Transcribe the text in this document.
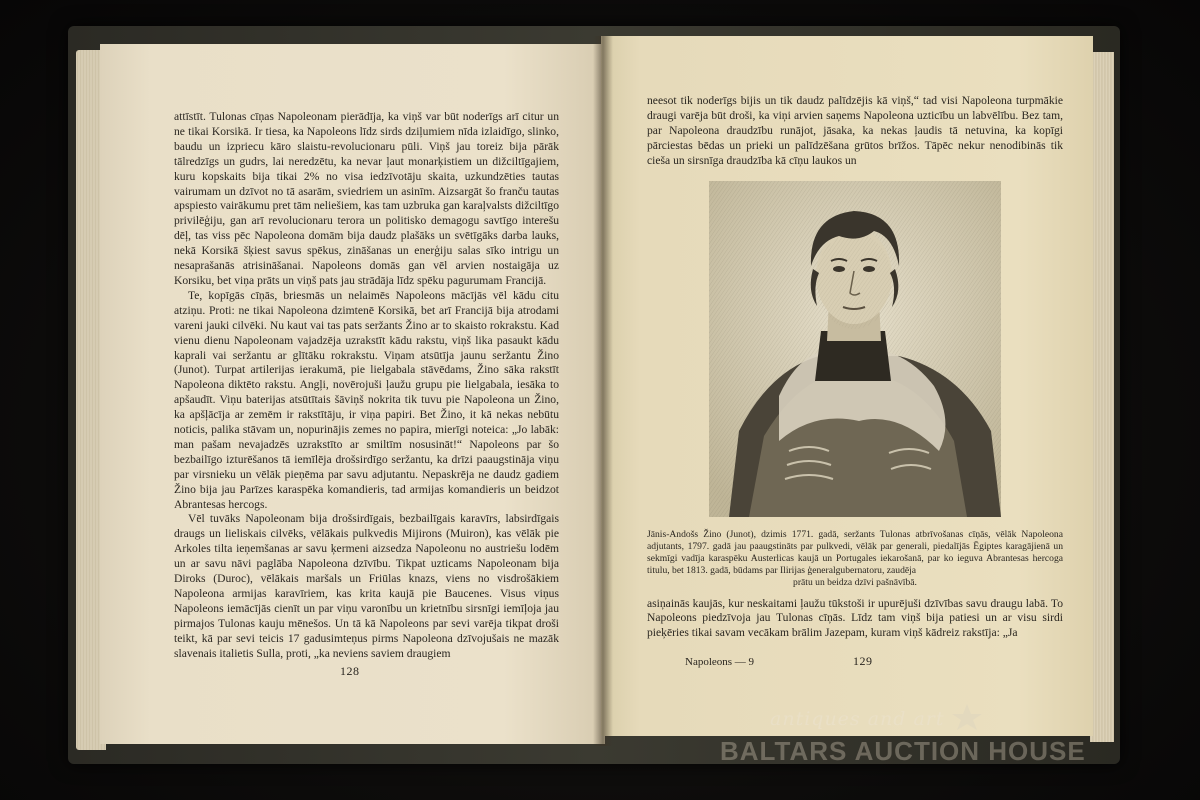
attīstīt. Tulonas cīņas Napoleonam pierādīja, ka viņš var būt noderīgs arī citur un ne tikai Korsikā. Ir tiesa, ka Napoleons līdz sirds dziļumiem nīda izlaidīgo, slinko, baudu un izpriecu kāro slaistu-revolucionaru pūli. Viņš jau toreiz bija pārāk tālredzīgs un gudrs, lai neredzētu, ka nevar ļaut monarķistiem un dižciltīgajiem, kuru kopskaits bija tikai 2% no visa iedzīvotāju skaita, uzkundzēties tautas vairumam un dzīvot no tā asarām, sviedriem un asinīm. Aizsargāt šo franču tautas apspiesto vairākumu pret tām neliešiem, kas tam uzbruka gan karaļvalsts dižciltīgo privilēģiju, gan arī revolucionaru terora un politisko demagogu savtīgo interešu dēļ, tas viss pēc Napoleona domām bija daudz plašāks un svētīgāks darba lauks, nekā Korsikā šķiest savus spēkus, zināšanas un enerģiju salas sīko intrigu un nesaprašanās atrisināšanai. Napoleons domās gan vēl arvien nostaigāja uz Korsiku, bet viņa prāts un viņš pats jau strādāja līdz spēku pagurumam Francijā.

Te, kopīgās cīņās, briesmās un nelaimēs Napoleons mācījās vēl kādu citu atziņu. Proti: ne tikai Napoleona dzimtenē Korsikā, bet arī Francijā bija atrodami vareni jauki cilvēki. Nu kaut vai tas pats seržants Žino ar to skaisto rokrakstu. Kad vienu dienu Napoleonam vajadzēja uzrakstīt kādu rakstu, viņš lika pasaukt kādu kaprali vai seržantu ar glītāku rokrakstu. Viņam atsūtīja jaunu seržantu Žino (Junot). Turpat artilerijas ierakumā, pie lielgabala stāvēdams, Žino sāka rakstīt Napoleona diktēto rakstu. Angļi, novērojuši ļaužu grupu pie lielgabala, iesāka to apšaudīt. Viņu baterijas atsūtītais šāviņš nokrita tik tuvu pie Napoleona un Žino, ka apšļācīja ar zemēm ir rakstītāju, ir viņa papiri. Bet Žino, it kā nekas nebūtu noticis, palika stāvam un, nopurinājis zemes no papira, mierīgi noteica: „Jo labāk: man pašam nevajadzēs uzrakstīto ar smiltīm nosusināt!“ Napoleons par šo bezbailīgo izturēšanos tā iemīlēja drošsirdīgo seržantu, ka drīzi paaugstināja viņu par virsnieku un vēlāk pieņēma par savu adjutantu. Nepaskrēja ne daudz gadiem Žino bija jau Parīzes karaspēka komandieris, tad armijas komandieris un beidzot Abrantesas hercogs.

Vēl tuvāks Napoleonam bija drošsirdīgais, bezbailīgais karavīrs, labsirdīgais draugs un lieliskais cilvēks, vēlākais pulkvedis Mijirons (Muiron), kas vēlāk pie Arkoles tilta ieņemšanas ar savu ķermeni aizsedza Napoleonu no austriešu lodēm un ar savu nāvi paglāba Napoleona dzīvību. Tikpat uzticams Napoleonam bija Diroks (Duroc), vēlākais maršals un Friūlas knazs, viens no visdrošākiem Napoleona armijas karavīriem, kas krita kaujā pie Baucenes. Visus viņus Napoleons iemācījās cienīt un par viņu varonību un krietnību sirsnīgi iemīļoja jau pirmajos Tulonas kauju mēnešos. Un tā kā Napoleons par sevi varēja tikpat droši teikt, kā par sevi teicis 17 gadusimteņus pirms Napoleona dzīvojušais ne mazāk slavenais italietis Sulla, proti, „ka neviens saviem draugiem

128

neesot tik noderīgs bijis un tik daudz palīdzējis kā viņš,“ tad visi Napoleona turpmākie draugi varēja būt droši, ka viņi arvien saņems Napoleona uzticību un labvēlību. Bez tam, par Napoleona draudzību runājot, jāsaka, ka nekas ļaudis tā netuvina, ka kopīgi pārciestas bēdas un prieki un palīdzēšana grūtos brīžos. Tāpēc nekur nenodibinās tik cieša un sirsnīga draudzība kā cīņu laukos un

Jānis-Andošs Žino (Junot), dzimis 1771. gadā, seržants Tulonas atbrīvošanas cīņās, vēlāk Napoleona adjutants, 1797. gadā jau paaugstināts par pulkvedi, vēlāk par generali, piedalījās Ēgiptes karagājienā un sekmīgi vadīja karaspēku Austerlicas kaujā un Portugales iekarošanā, par ko ieguva Abrantesas hercoga titulu, bet 1813. gadā, būdams par Ilirijas ģeneralgubernatoru, zaudēja
prātu un beidza dzīvi pašnāvībā.

asiņainās kaujās, kur neskaitami ļaužu tūkstoši ir upurējuši dzīvības savu draugu labā. To Napoleons piedzīvoja jau Tulonas cīņās. Līdz tam viņš bija patiesi un ar visu sirdi pieķēries tikai savam vecākam brālim Jazepam, kuram viņš kādreiz rakstīja: „Ja

Napoleons — 9	129
antiques and art
BALTARS AUCTION HOUSE
